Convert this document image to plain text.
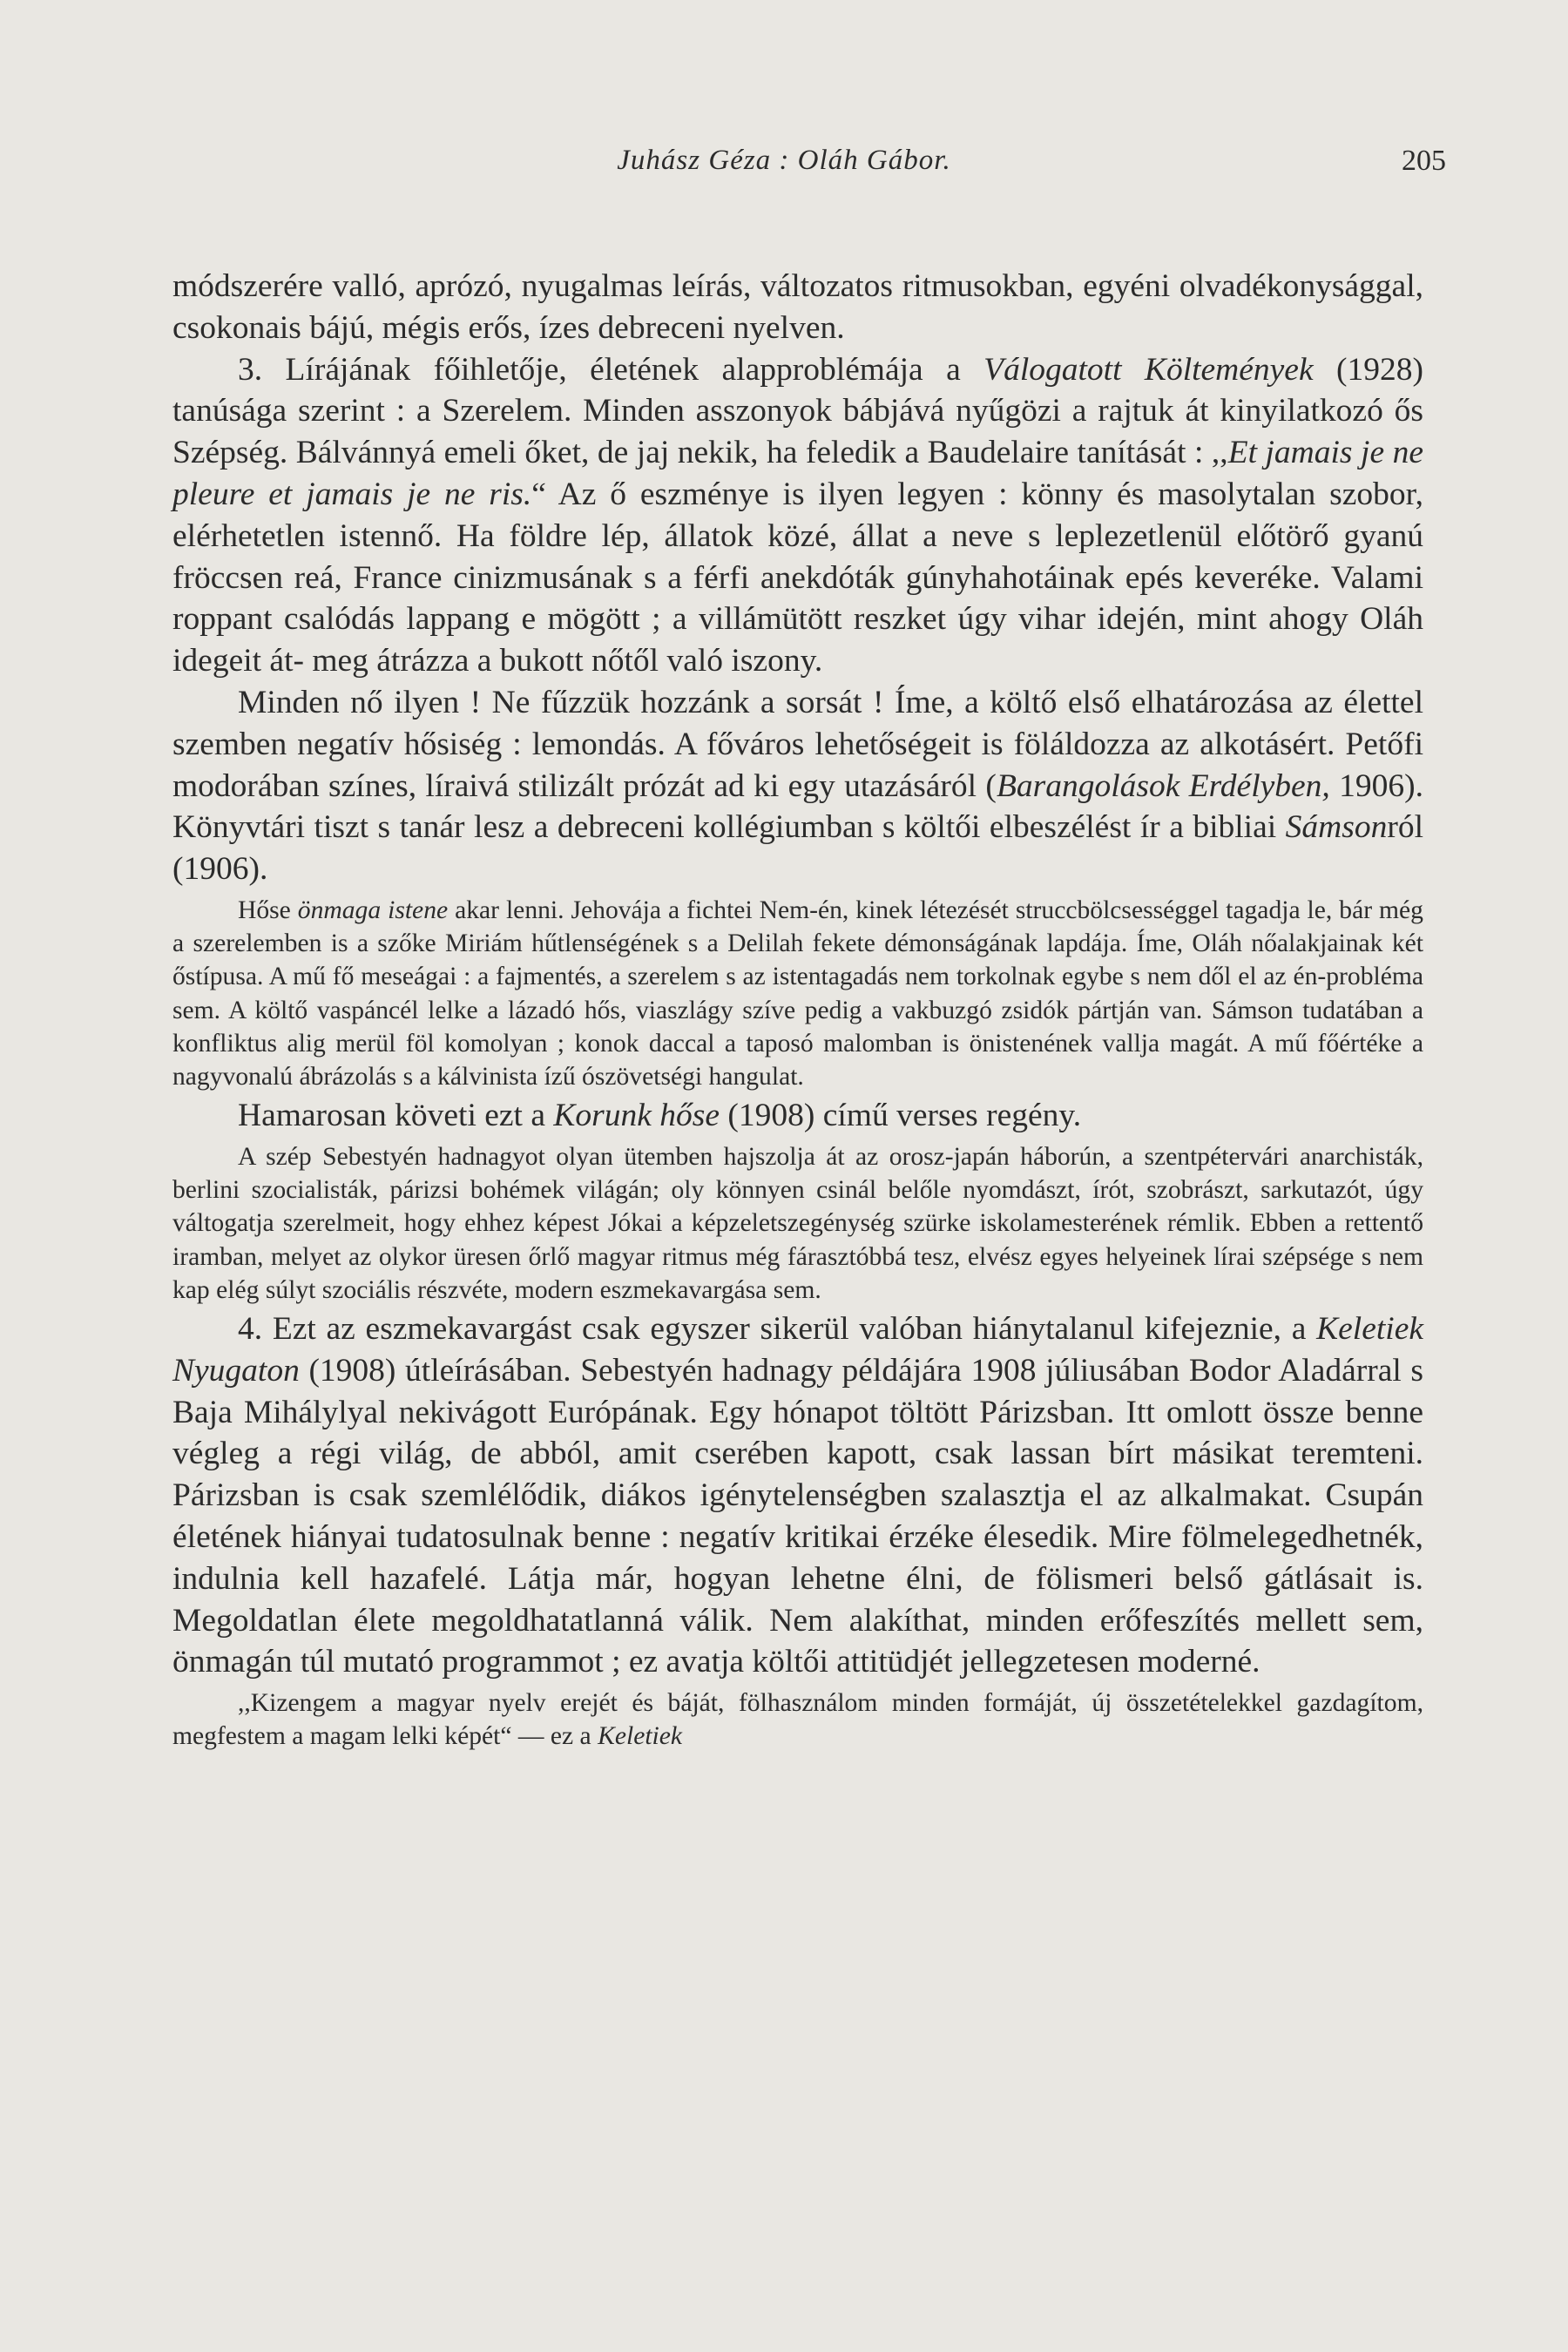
Juhász Géza : Oláh Gábor.	205

módszerére valló, aprózó, nyugalmas leírás, változatos ritmusokban, egyéni olvadékonysággal, csokonais bájú, mégis erős, ízes debreceni nyelven.

3. Lírájának főihletője, életének alapproblémája a Válogatott Költemények (1928) tanúsága szerint : a Szerelem. Minden asszonyok bábjává nyűgözi a rajtuk át kinyilatkozó ős Szépség. Bálvánnyá emeli őket, de jaj nekik, ha feledik a Baudelaire tanítását : ,,Et jamais je ne pleure et jamais je ne ris.“ Az ő eszménye is ilyen legyen : könny és masolytalan szobor, elérhetetlen istennő. Ha földre lép, állatok közé, állat a neve s leplezetlenül előtörő gyanú fröccsen reá, France cinizmusának s a férfi anekdóták gúnyhahotáinak epés keveréke. Valami roppant csalódás lappang e mögött ; a villámütött reszket úgy vihar idején, mint ahogy Oláh idegeit át- meg átrázza a bukott nőtől való iszony.

Minden nő ilyen ! Ne fűzzük hozzánk a sorsát ! Íme, a költő első elhatározása az élettel szemben negatív hősiség : lemondás. A főváros lehetőségeit is föláldozza az alkotásért. Petőfi modorában színes, líraivá stilizált prózát ad ki egy utazásáról (Barangolások Erdélyben, 1906). Könyvtári tiszt s tanár lesz a debreceni kollégiumban s költői elbeszélést ír a bibliai Sámsonról (1906).

Hőse önmaga istene akar lenni. Jehovája a fichtei Nem-én, kinek létezését struccbölcsességgel tagadja le, bár még a szerelemben is a szőke Miriám hűtlenségének s a Delilah fekete démonságának lapdája. Íme, Oláh nőalakjainak két őstípusa. A mű fő meseágai : a fajmentés, a szerelem s az istentagadás nem torkolnak egybe s nem dől el az én-probléma sem. A költő vaspáncél lelke a lázadó hős, viaszlágy szíve pedig a vakbuzgó zsidók pártján van. Sámson tudatában a konfliktus alig merül föl komolyan ; konok daccal a taposó malomban is önistenének vallja magát. A mű főértéke a nagyvonalú ábrázolás s a kálvinista ízű ószövetségi hangulat.

Hamarosan követi ezt a Korunk hőse (1908) című verses regény.

A szép Sebestyén hadnagyot olyan ütemben hajszolja át az orosz-japán háborún, a szentpétervári anarchisták, berlini szocialisták, párizsi bohémek világán; oly könnyen csinál belőle nyomdászt, írót, szobrászt, sarkutazót, úgy váltogatja szerelmeit, hogy ehhez képest Jókai a képzeletszegénység szürke iskolamesterének rémlik. Ebben a rettentő iramban, melyet az olykor üresen őrlő magyar ritmus még fárasztóbbá tesz, elvész egyes helyeinek lírai szépsége s nem kap elég súlyt szociális részvéte, modern eszmekavargása sem.

4. Ezt az eszmekavargást csak egyszer sikerül valóban hiánytalanul kifejeznie, a Keletiek Nyugaton (1908) útleírásában. Sebestyén hadnagy példájára 1908 júliusában Bodor Aladárral s Baja Mihálylyal nekivágott Európának. Egy hónapot töltött Párizsban. Itt omlott össze benne végleg a régi világ, de abból, amit cserében kapott, csak lassan bírt másikat teremteni. Párizsban is csak szemlélődik, diákos igénytelenségben szalasztja el az alkalmakat. Csupán életének hiányai tudatosulnak benne : negatív kritikai érzéke élesedik. Mire fölmelegedhetnék, indulnia kell hazafelé. Látja már, hogyan lehetne élni, de fölismeri belső gátlásait is. Megoldatlan élete megoldhatatlanná válik. Nem alakíthat, minden erőfeszítés mellett sem, önmagán túl mutató programmot ; ez avatja költői attitüdjét jellegzetesen moderné.

,,Kizengem a magyar nyelv erejét és báját, fölhasználom minden formáját, új összetételekkel gazdagítom, megfestem a magam lelki képét“ — ez a Keletiek
